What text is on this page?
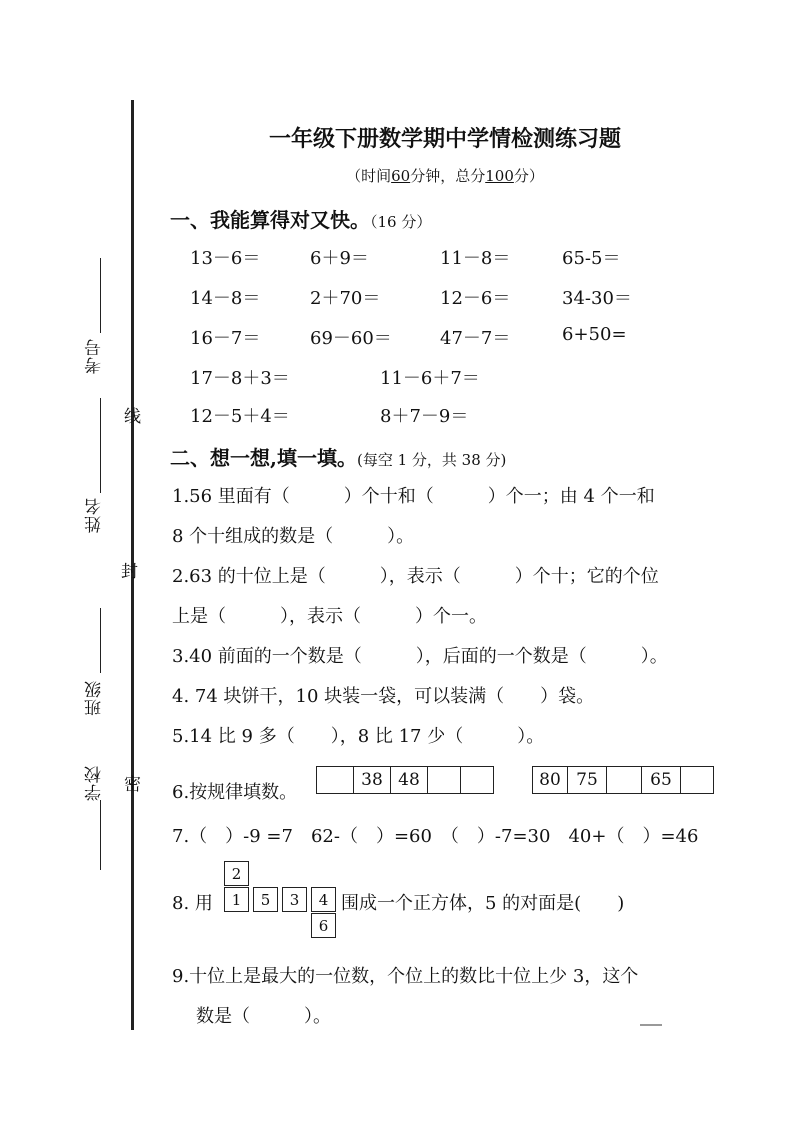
考号
线
姓名
封
班级
密
学校
一年级下册数学期中学情检测练习题
（时间60分钟，总分100分）
一、我能算得对又快。（16 分）
13－6＝	6＋9＝	11－8＝	65-5＝
14－8＝	2＋70＝	12－6＝	34-30＝
16－7＝	69－60＝	47－7＝	6+50=
17－8＋3＝	11－6＋7＝
12－5＋4＝	8＋7－9＝
二、想一想,填一填。(每空 1 分，共 38 分)
1.56 里面有（　　　）个十和（　　　）个一；由 4 个一和
8 个十组成的数是（　　　）。
2.63 的十位上是（　　　），表示（　　　）个十；它的个位
上是（　　　），表示（　　　）个一。
3.40 前面的一个数是（　　　），后面的一个数是（　　　）。
4. 74 块饼干，10 块装一袋，可以装满（　　）袋。
5.14 比 9 多（　　），8 比 17 少（　　　）。
6.按规律填数。
38 48	80 75	65
7.（　）-9 =7　62-（　）=60　（　）-7=30　40+（　）=46
8. 用
2
1	5	3	4
6
围成一个正方体，5 的对面是(　　)
9.十位上是最大的一位数，个位上的数比十位上少 3，这个
数是（　　　）。
